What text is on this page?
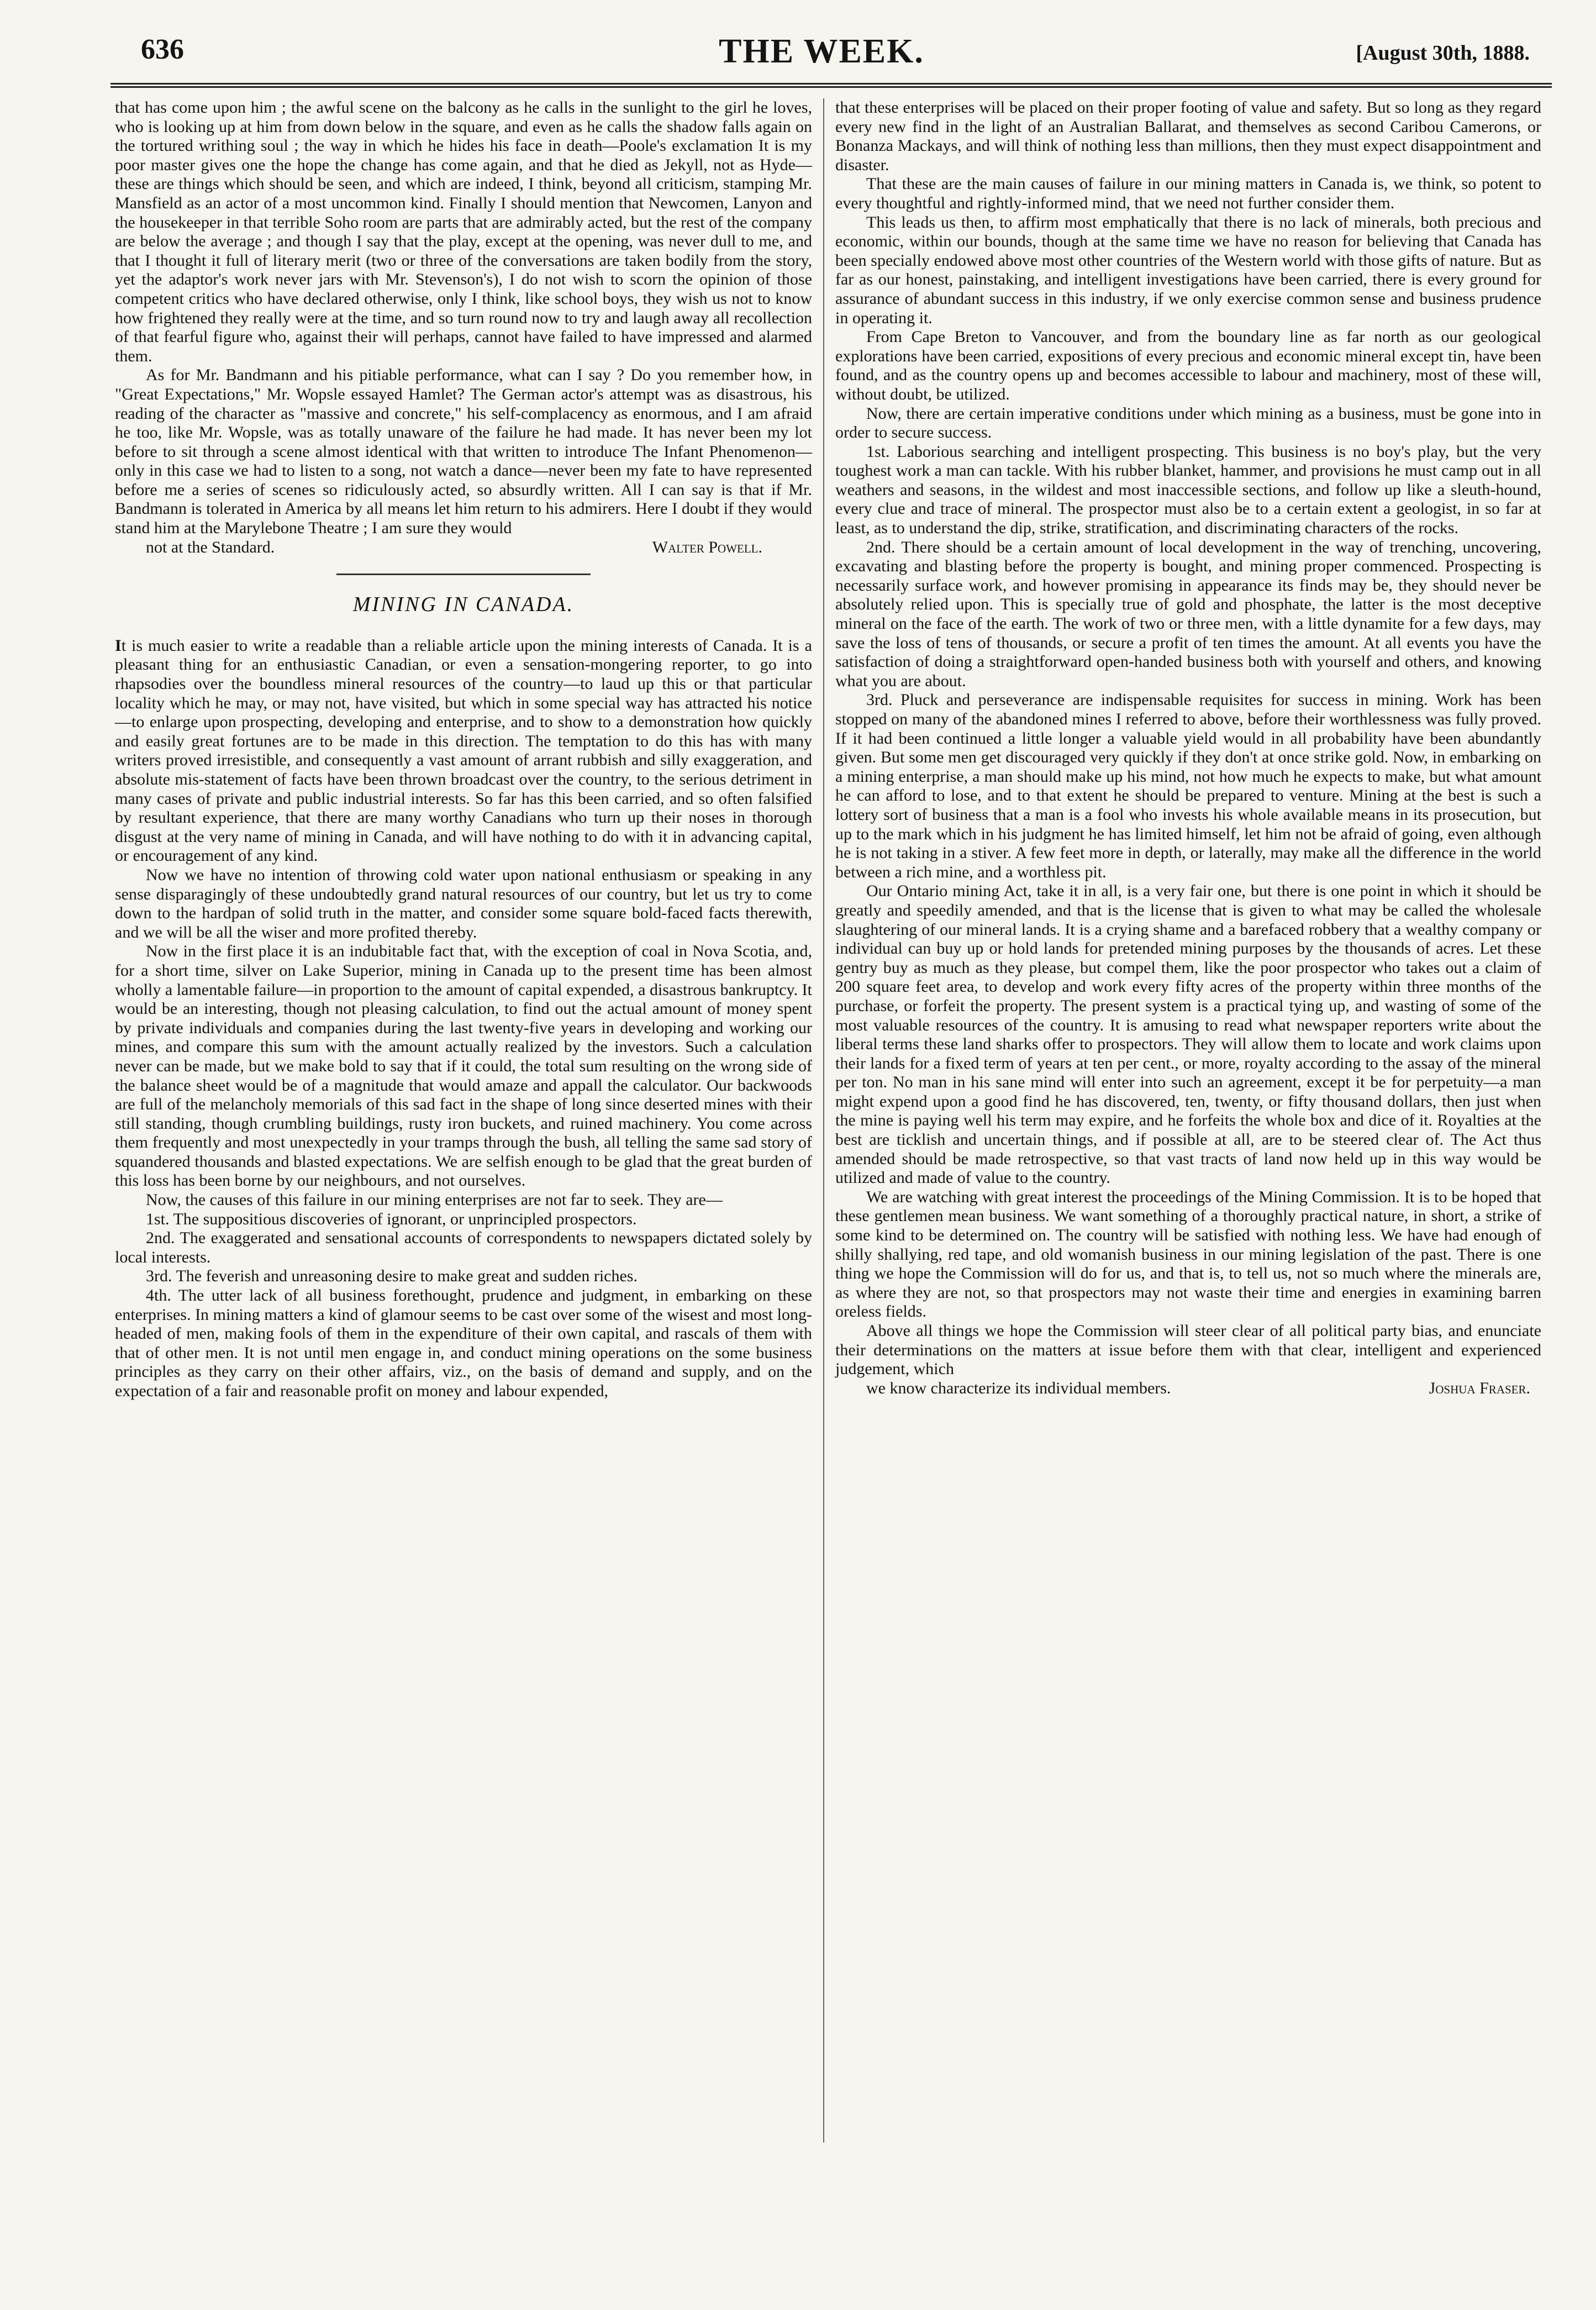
636	THE WEEK.	[August 30th, 1888.

that has come upon him ; the awful scene on the balcony as he calls in the sunlight to the girl he loves, who is looking up at him from down below in the square, and even as he calls the shadow falls again on the tortured writhing soul ; the way in which he hides his face in death—Poole's exclamation It is my poor master gives one the hope the change has come again, and that he died as Jekyll, not as Hyde—these are things which should be seen, and which are indeed, I think, beyond all criticism, stamping Mr. Mansfield as an actor of a most uncommon kind. Finally I should mention that Newcomen, Lanyon and the housekeeper in that terrible Soho room are parts that are admirably acted, but the rest of the company are below the average ; and though I say that the play, except at the opening, was never dull to me, and that I thought it full of literary merit (two or three of the conversations are taken bodily from the story, yet the adaptor's work never jars with Mr. Stevenson's), I do not wish to scorn the opinion of those competent critics who have declared otherwise, only I think, like school boys, they wish us not to know how frightened they really were at the time, and so turn round now to try and laugh away all recollection of that fearful figure who, against their will perhaps, cannot have failed to have impressed and alarmed them.

As for Mr. Bandmann and his pitiable performance, what can I say ? Do you remember how, in "Great Expectations," Mr. Wopsle essayed Hamlet? The German actor's attempt was as disastrous, his reading of the character as "massive and concrete," his self-complacency as enormous, and I am afraid he too, like Mr. Wopsle, was as totally unaware of the failure he had made. It has never been my lot before to sit through a scene almost identical with that written to introduce The Infant Phenomenon—only in this case we had to listen to a song, not watch a dance—never been my fate to have represented before me a series of scenes so ridiculously acted, so absurdly written. All I can say is that if Mr. Bandmann is tolerated in America by all means let him return to his admirers. Here I doubt if they would stand him at the Marylebone Theatre ; I am sure they would

not at the Standard.	Walter Powell.

MINING IN CANADA.

It is much easier to write a readable than a reliable article upon the mining interests of Canada. It is a pleasant thing for an enthusiastic Canadian, or even a sensation-mongering reporter, to go into rhapsodies over the boundless mineral resources of the country—to laud up this or that particular locality which he may, or may not, have visited, but which in some special way has attracted his notice—to enlarge upon prospecting, developing and enterprise, and to show to a demonstration how quickly and easily great fortunes are to be made in this direction. The temptation to do this has with many writers proved irresistible, and consequently a vast amount of arrant rubbish and silly exaggeration, and absolute mis-statement of facts have been thrown broadcast over the country, to the serious detriment in many cases of private and public industrial interests. So far has this been carried, and so often falsified by resultant experience, that there are many worthy Canadians who turn up their noses in thorough disgust at the very name of mining in Canada, and will have nothing to do with it in advancing capital, or encouragement of any kind.

Now we have no intention of throwing cold water upon national enthusiasm or speaking in any sense disparagingly of these undoubtedly grand natural resources of our country, but let us try to come down to the hardpan of solid truth in the matter, and consider some square bold-faced facts therewith, and we will be all the wiser and more profited thereby.

Now in the first place it is an indubitable fact that, with the exception of coal in Nova Scotia, and, for a short time, silver on Lake Superior, mining in Canada up to the present time has been almost wholly a lamentable failure—in proportion to the amount of capital expended, a disastrous bankruptcy. It would be an interesting, though not pleasing calculation, to find out the actual amount of money spent by private individuals and companies during the last twenty-five years in developing and working our mines, and compare this sum with the amount actually realized by the investors. Such a calculation never can be made, but we make bold to say that if it could, the total sum resulting on the wrong side of the balance sheet would be of a magnitude that would amaze and appall the calculator. Our backwoods are full of the melancholy memorials of this sad fact in the shape of long since deserted mines with their still standing, though crumbling buildings, rusty iron buckets, and ruined machinery. You come across them frequently and most unexpectedly in your tramps through the bush, all telling the same sad story of squandered thousands and blasted expectations. We are selfish enough to be glad that the great burden of this loss has been borne by our neighbours, and not ourselves.

Now, the causes of this failure in our mining enterprises are not far to seek. They are—

1st. The suppositious discoveries of ignorant, or unprincipled prospectors.

2nd. The exaggerated and sensational accounts of correspondents to newspapers dictated solely by local interests.

3rd. The feverish and unreasoning desire to make great and sudden riches.

4th. The utter lack of all business forethought, prudence and judgment, in embarking on these enterprises. In mining matters a kind of glamour seems to be cast over some of the wisest and most long-headed of men, making fools of them in the expenditure of their own capital, and rascals of them with that of other men. It is not until men engage in, and conduct mining operations on the some business principles as they carry on their other affairs, viz., on the basis of demand and supply, and on the expectation of a fair and reasonable profit on money and labour expended,

that these enterprises will be placed on their proper footing of value and safety. But so long as they regard every new find in the light of an Australian Ballarat, and themselves as second Caribou Camerons, or Bonanza Mackays, and will think of nothing less than millions, then they must expect disappointment and disaster.

That these are the main causes of failure in our mining matters in Canada is, we think, so potent to every thoughtful and rightly-informed mind, that we need not further consider them.

This leads us then, to affirm most emphatically that there is no lack of minerals, both precious and economic, within our bounds, though at the same time we have no reason for believing that Canada has been specially endowed above most other countries of the Western world with those gifts of nature. But as far as our honest, painstaking, and intelligent investigations have been carried, there is every ground for assurance of abundant success in this industry, if we only exercise common sense and business prudence in operating it.

From Cape Breton to Vancouver, and from the boundary line as far north as our geological explorations have been carried, expositions of every precious and economic mineral except tin, have been found, and as the country opens up and becomes accessible to labour and machinery, most of these will, without doubt, be utilized.

Now, there are certain imperative conditions under which mining as a business, must be gone into in order to secure success.

1st. Laborious searching and intelligent prospecting. This business is no boy's play, but the very toughest work a man can tackle. With his rubber blanket, hammer, and provisions he must camp out in all weathers and seasons, in the wildest and most inaccessible sections, and follow up like a sleuth-hound, every clue and trace of mineral. The prospector must also be to a certain extent a geologist, in so far at least, as to understand the dip, strike, stratification, and discriminating characters of the rocks.

2nd. There should be a certain amount of local development in the way of trenching, uncovering, excavating and blasting before the property is bought, and mining proper commenced. Prospecting is necessarily surface work, and however promising in appearance its finds may be, they should never be absolutely relied upon. This is specially true of gold and phosphate, the latter is the most deceptive mineral on the face of the earth. The work of two or three men, with a little dynamite for a few days, may save the loss of tens of thousands, or secure a profit of ten times the amount. At all events you have the satisfaction of doing a straightforward open-handed business both with yourself and others, and knowing what you are about.

3rd. Pluck and perseverance are indispensable requisites for success in mining. Work has been stopped on many of the abandoned mines I referred to above, before their worthlessness was fully proved. If it had been continued a little longer a valuable yield would in all probability have been abundantly given. But some men get discouraged very quickly if they don't at once strike gold. Now, in embarking on a mining enterprise, a man should make up his mind, not how much he expects to make, but what amount he can afford to lose, and to that extent he should be prepared to venture. Mining at the best is such a lottery sort of business that a man is a fool who invests his whole available means in its prosecution, but up to the mark which in his judgment he has limited himself, let him not be afraid of going, even although he is not taking in a stiver. A few feet more in depth, or laterally, may make all the difference in the world between a rich mine, and a worthless pit.

Our Ontario mining Act, take it in all, is a very fair one, but there is one point in which it should be greatly and speedily amended, and that is the license that is given to what may be called the wholesale slaughtering of our mineral lands. It is a crying shame and a barefaced robbery that a wealthy company or individual can buy up or hold lands for pretended mining purposes by the thousands of acres. Let these gentry buy as much as they please, but compel them, like the poor prospector who takes out a claim of 200 square feet area, to develop and work every fifty acres of the property within three months of the purchase, or forfeit the property. The present system is a practical tying up, and wasting of some of the most valuable resources of the country. It is amusing to read what newspaper reporters write about the liberal terms these land sharks offer to prospectors. They will allow them to locate and work claims upon their lands for a fixed term of years at ten per cent., or more, royalty according to the assay of the mineral per ton. No man in his sane mind will enter into such an agreement, except it be for perpetuity—a man might expend upon a good find he has discovered, ten, twenty, or fifty thousand dollars, then just when the mine is paying well his term may expire, and he forfeits the whole box and dice of it. Royalties at the best are ticklish and uncertain things, and if possible at all, are to be steered clear of. The Act thus amended should be made retrospective, so that vast tracts of land now held up in this way would be utilized and made of value to the country.

We are watching with great interest the proceedings of the Mining Commission. It is to be hoped that these gentlemen mean business. We want something of a thoroughly practical nature, in short, a strike of some kind to be determined on. The country will be satisfied with nothing less. We have had enough of shilly shallying, red tape, and old womanish business in our mining legislation of the past. There is one thing we hope the Commission will do for us, and that is, to tell us, not so much where the minerals are, as where they are not, so that prospectors may not waste their time and energies in examining barren oreless fields.

Above all things we hope the Commission will steer clear of all political party bias, and enunciate their determinations on the matters at issue before them with that clear, intelligent and experienced judgement, which

we know characterize its individual members.	Joshua Fraser.
